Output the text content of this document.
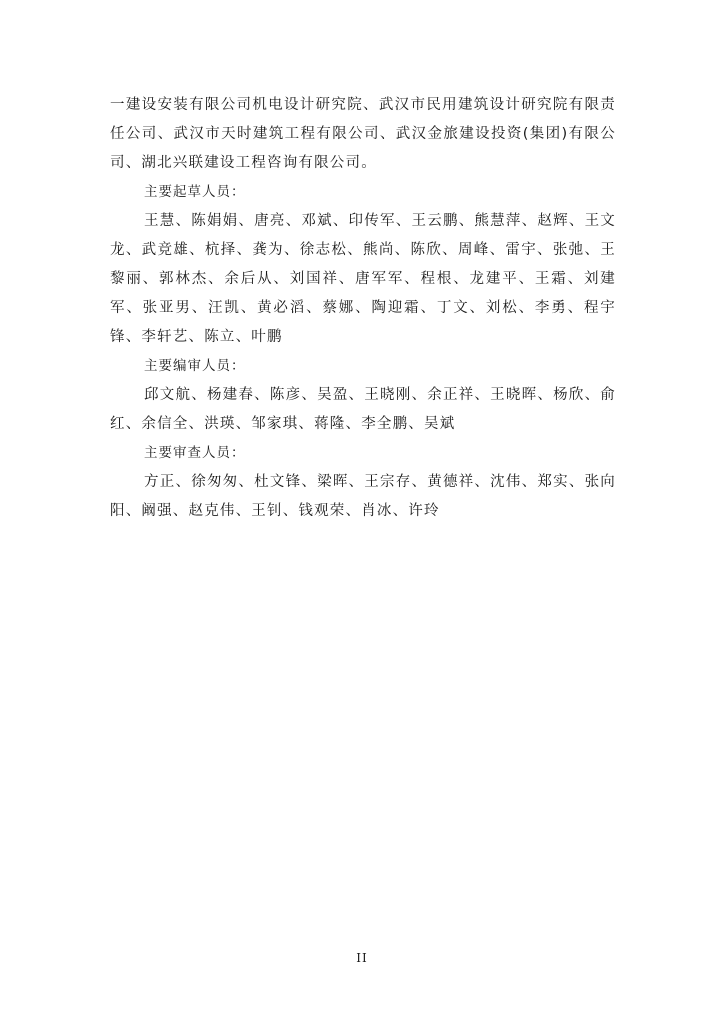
一建设安装有限公司机电设计研究院、武汉市民用建筑设计研究院有限责任公司、武汉市天时建筑工程有限公司、武汉金旅建设投资(集团)有限公司、湖北兴联建设工程咨询有限公司。

主要起草人员：

王慧、陈娟娟、唐亮、邓斌、印传军、王云鹏、熊慧萍、赵辉、王文龙、武竞雄、杭择、龚为、徐志松、熊尚、陈欣、周峰、雷宇、张弛、王黎丽、郭林杰、余后从、刘国祥、唐军军、程根、龙建平、王霜、刘建军、张亚男、汪凯、黄必滔、蔡娜、陶迎霜、丁文、刘松、李勇、程宇锋、李轩艺、陈立、叶鹏

主要编审人员：

邱文航、杨建春、陈彦、吴盈、王晓刚、余正祥、王晓晖、杨欣、俞红、余信全、洪瑛、邹家琪、蒋隆、李全鹏、吴斌

主要审查人员：

方正、徐匆匆、杜文锋、梁晖、王宗存、黄德祥、沈伟、郑实、张向阳、阚强、赵克伟、王钊、钱观荣、肖冰、许玲

II
